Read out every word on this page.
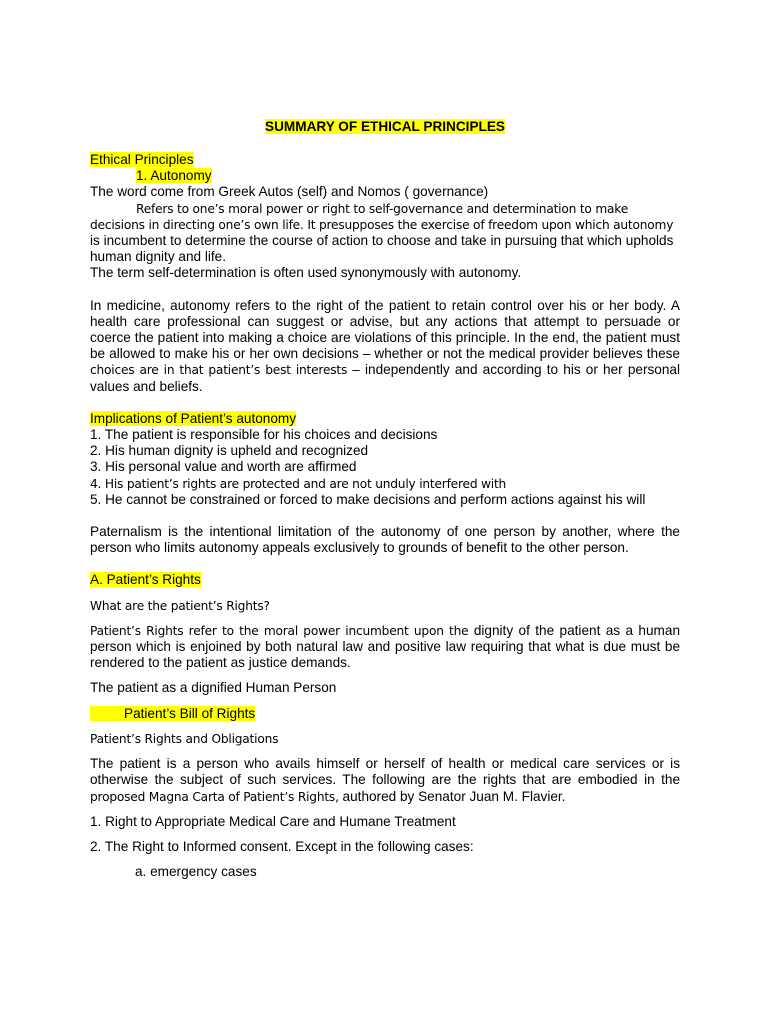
SUMMARY OF ETHICAL PRINCIPLES

Ethical Principles

1. Autonomy

The word come from Greek Autos (self) and Nomos ( governance)

Refers to one’s moral power or right to self-governance and determination to make

decisions in directing one’s own life. It presupposes the exercise of freedom upon which autonomy

is incumbent to determine the course of action to choose and take in pursuing that which upholds human dignity and life.

The term self-determination is often used synonymously with autonomy.

In medicine, autonomy refers to the right of the patient to retain control over his or her body. A health care professional can suggest or advise, but any actions that attempt to persuade or coerce the patient into making a choice are violations of this principle. In the end, the patient must be allowed to make his or her own decisions – whether or not the medical provider believes these choices are in that patient’s best interests – independently and according to his or her personal values and beliefs.

Implications of Patient’s autonomy

1. The patient is responsible for his choices and decisions

2. His human dignity is upheld and recognized

3. His personal value and worth are affirmed

4. His patient’s rights are protected and are not unduly interfered with

5. He cannot be constrained or forced to make decisions and perform actions against his will

Paternalism is the intentional limitation of the autonomy of one person by another, where the person who limits autonomy appeals exclusively to grounds of benefit to the other person.

A. Patient’s Rights

What are the patient’s Rights?

Patient’s Rights refer to the moral power incumbent upon the dignity of the patient as a human person which is enjoined by both natural law and positive law requiring that what is due must be rendered to the patient as justice demands.

The patient as a dignified Human Person

Patient’s Bill of Rights

Patient’s Rights and Obligations

The patient is a person who avails himself or herself of health or medical care services or is otherwise the subject of such services. The following are the rights that are embodied in the proposed Magna Carta of Patient’s Rights, authored by Senator Juan M. Flavier.

1. Right to Appropriate Medical Care and Humane Treatment

2. The Right to Informed consent. Except in the following cases:

a. emergency cases
